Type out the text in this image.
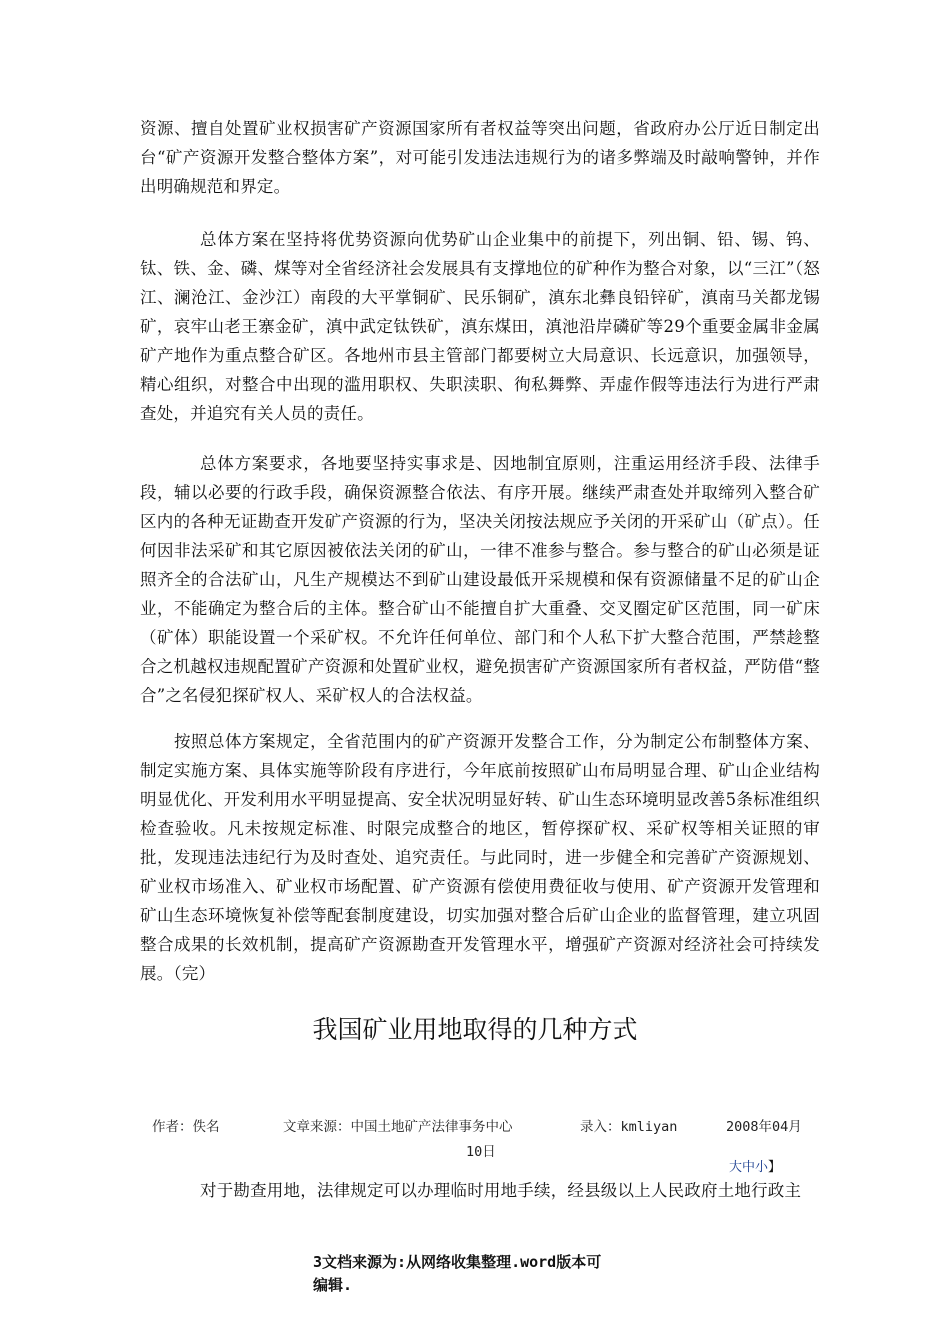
资源、擅自处置矿业权损害矿产资源国家所有者权益等突出问题，省政府办公厅近日制定出台“矿产资源开发整合整体方案”，对可能引发违法违规行为的诸多弊端及时敲响警钟，并作出明确规范和界定。

总体方案在坚持将优势资源向优势矿山企业集中的前提下，列出铜、铅、锡、钨、钛、铁、金、磷、煤等对全省经济社会发展具有支撑地位的矿种作为整合对象，以“三江”（怒江、澜沧江、金沙江）南段的大平掌铜矿、民乐铜矿，滇东北彝良铅锌矿，滇南马关都龙锡矿，哀牢山老王寨金矿，滇中武定钛铁矿，滇东煤田，滇池沿岸磷矿等29个重要金属非金属矿产地作为重点整合矿区。各地州市县主管部门都要树立大局意识、长远意识，加强领导，精心组织，对整合中出现的滥用职权、失职渎职、徇私舞弊、弄虚作假等违法行为进行严肃查处，并追究有关人员的责任。

总体方案要求，各地要坚持实事求是、因地制宜原则，注重运用经济手段、法律手段，辅以必要的行政手段，确保资源整合依法、有序开展。继续严肃查处并取缔列入整合矿区内的各种无证勘查开发矿产资源的行为，坚决关闭按法规应予关闭的开采矿山（矿点）。任何因非法采矿和其它原因被依法关闭的矿山，一律不准参与整合。参与整合的矿山必须是证照齐全的合法矿山，凡生产规模达不到矿山建设最低开采规模和保有资源储量不足的矿山企业，不能确定为整合后的主体。整合矿山不能擅自扩大重叠、交叉圈定矿区范围，同一矿床（矿体）职能设置一个采矿权。不允许任何单位、部门和个人私下扩大整合范围，严禁趁整合之机越权违规配置矿产资源和处置矿业权，避免损害矿产资源国家所有者权益，严防借“整合”之名侵犯探矿权人、采矿权人的合法权益。

按照总体方案规定，全省范围内的矿产资源开发整合工作，分为制定公布制整体方案、制定实施方案、具体实施等阶段有序进行，今年底前按照矿山布局明显合理、矿山企业结构明显优化、开发利用水平明显提高、安全状况明显好转、矿山生态环境明显改善5条标准组织检查验收。凡未按规定标准、时限完成整合的地区，暂停探矿权、采矿权等相关证照的审批，发现违法违纪行为及时查处、追究责任。与此同时，进一步健全和完善矿产资源规划、矿业权市场准入、矿业权市场配置、矿产资源有偿使用费征收与使用、矿产资源开发管理和矿山生态环境恢复补偿等配套制度建设，切实加强对整合后矿山企业的监督管理，建立巩固整合成果的长效机制，提高矿产资源勘查开发管理水平，增强矿产资源对经济社会可持续发展。（完）

我国矿业用地取得的几种方式
作者：佚名	文章来源：中国土地矿产法律事务中心	录入：kmliyan	2008年04月
10日
大中小】

对于勘查用地，法律规定可以办理临时用地手续，经县级以上人民政府土地行政主

3文档来源为:从网络收集整理.word版本可
编辑.
